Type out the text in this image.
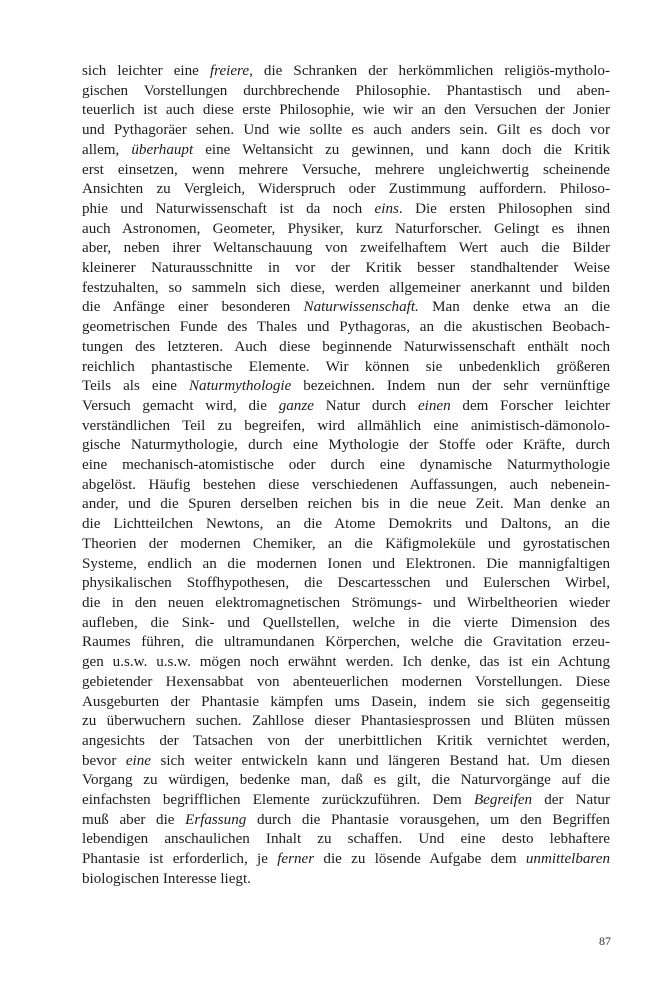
sich leichter eine freiere, die Schranken der herkömmlichen religiös-mytholo-
gischen Vorstellungen durchbrechende Philosophie. Phantastisch und aben-
teuerlich ist auch diese erste Philosophie, wie wir an den Versuchen der Jonier
und Pythagoräer sehen. Und wie sollte es auch anders sein. Gilt es doch vor
allem, überhaupt eine Weltansicht zu gewinnen, und kann doch die Kritik
erst einsetzen, wenn mehrere Versuche, mehrere ungleichwertig scheinende
Ansichten zu Vergleich, Widerspruch oder Zustimmung auffordern. Philoso-
phie und Naturwissenschaft ist da noch eins. Die ersten Philosophen sind
auch Astronomen, Geometer, Physiker, kurz Naturforscher. Gelingt es ihnen
aber, neben ihrer Weltanschauung von zweifelhaftem Wert auch die Bilder
kleinerer Naturausschnitte in vor der Kritik besser standhaltender Weise
festzuhalten, so sammeln sich diese, werden allgemeiner anerkannt und bilden
die Anfänge einer besonderen Naturwissenschaft. Man denke etwa an die
geometrischen Funde des Thales und Pythagoras, an die akustischen Beobach-
tungen des letzteren. Auch diese beginnende Naturwissenschaft enthält noch
reichlich phantastische Elemente. Wir können sie unbedenklich größeren
Teils als eine Naturmythologie bezeichnen. Indem nun der sehr vernünftige
Versuch gemacht wird, die ganze Natur durch einen dem Forscher leichter
verständlichen Teil zu begreifen, wird allmählich eine animistisch-dämonolo-
gische Naturmythologie, durch eine Mythologie der Stoffe oder Kräfte, durch
eine mechanisch-atomistische oder durch eine dynamische Naturmythologie
abgelöst. Häufig bestehen diese verschiedenen Auffassungen, auch nebenein-
ander, und die Spuren derselben reichen bis in die neue Zeit. Man denke an
die Lichtteilchen Newtons, an die Atome Demokrits und Daltons, an die
Theorien der modernen Chemiker, an die Käfigmoleküle und gyrostatischen
Systeme, endlich an die modernen Ionen und Elektronen. Die mannigfaltigen
physikalischen Stoffhypothesen, die Descartesschen und Eulerschen Wirbel,
die in den neuen elektromagnetischen Strömungs- und Wirbeltheorien wieder
aufleben, die Sink- und Quellstellen, welche in die vierte Dimension des
Raumes führen, die ultramundanen Körperchen, welche die Gravitation erzeu-
gen u.s.w. u.s.w. mögen noch erwähnt werden. Ich denke, das ist ein Achtung
gebietender Hexensabbat von abenteuerlichen modernen Vorstellungen. Diese
Ausgeburten der Phantasie kämpfen ums Dasein, indem sie sich gegenseitig
zu überwuchern suchen. Zahllose dieser Phantasiesprossen und Blüten müssen
angesichts der Tatsachen von der unerbittlichen Kritik vernichtet werden,
bevor eine sich weiter entwickeln kann und längeren Bestand hat. Um diesen
Vorgang zu würdigen, bedenke man, daß es gilt, die Naturvorgänge auf die
einfachsten begrifflichen Elemente zurückzuführen. Dem Begreifen der Natur
muß aber die Erfassung durch die Phantasie vorausgehen, um den Begriffen
lebendigen anschaulichen Inhalt zu schaffen. Und eine desto lebhaftere
Phantasie ist erforderlich, je ferner die zu lösende Aufgabe dem unmittelbaren
biologischen Interesse liegt.
87
